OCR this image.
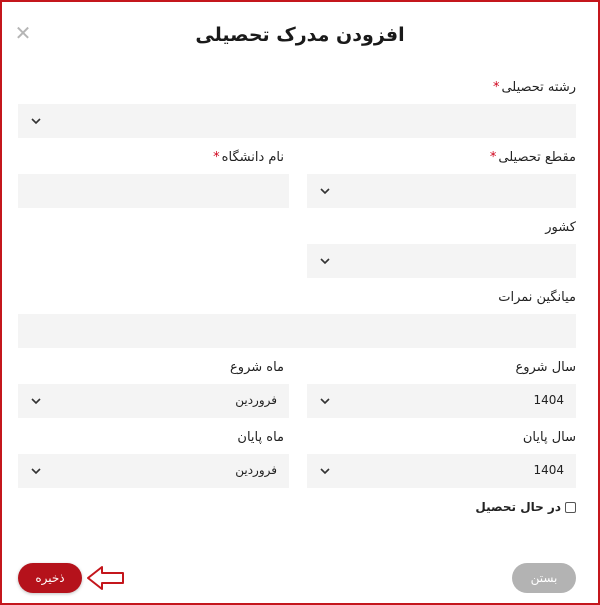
افزودن مدرک تحصیلی
✕
رشته تحصیلی*
نام دانشگاه*	مقطع تحصیلی*
کشور
میانگین نمرات
سال شروع
1404
ماه شروع
فروردین
سال پایان
1404
ماه پایان
فروردین
در حال تحصیل
ذخیره	بستن
